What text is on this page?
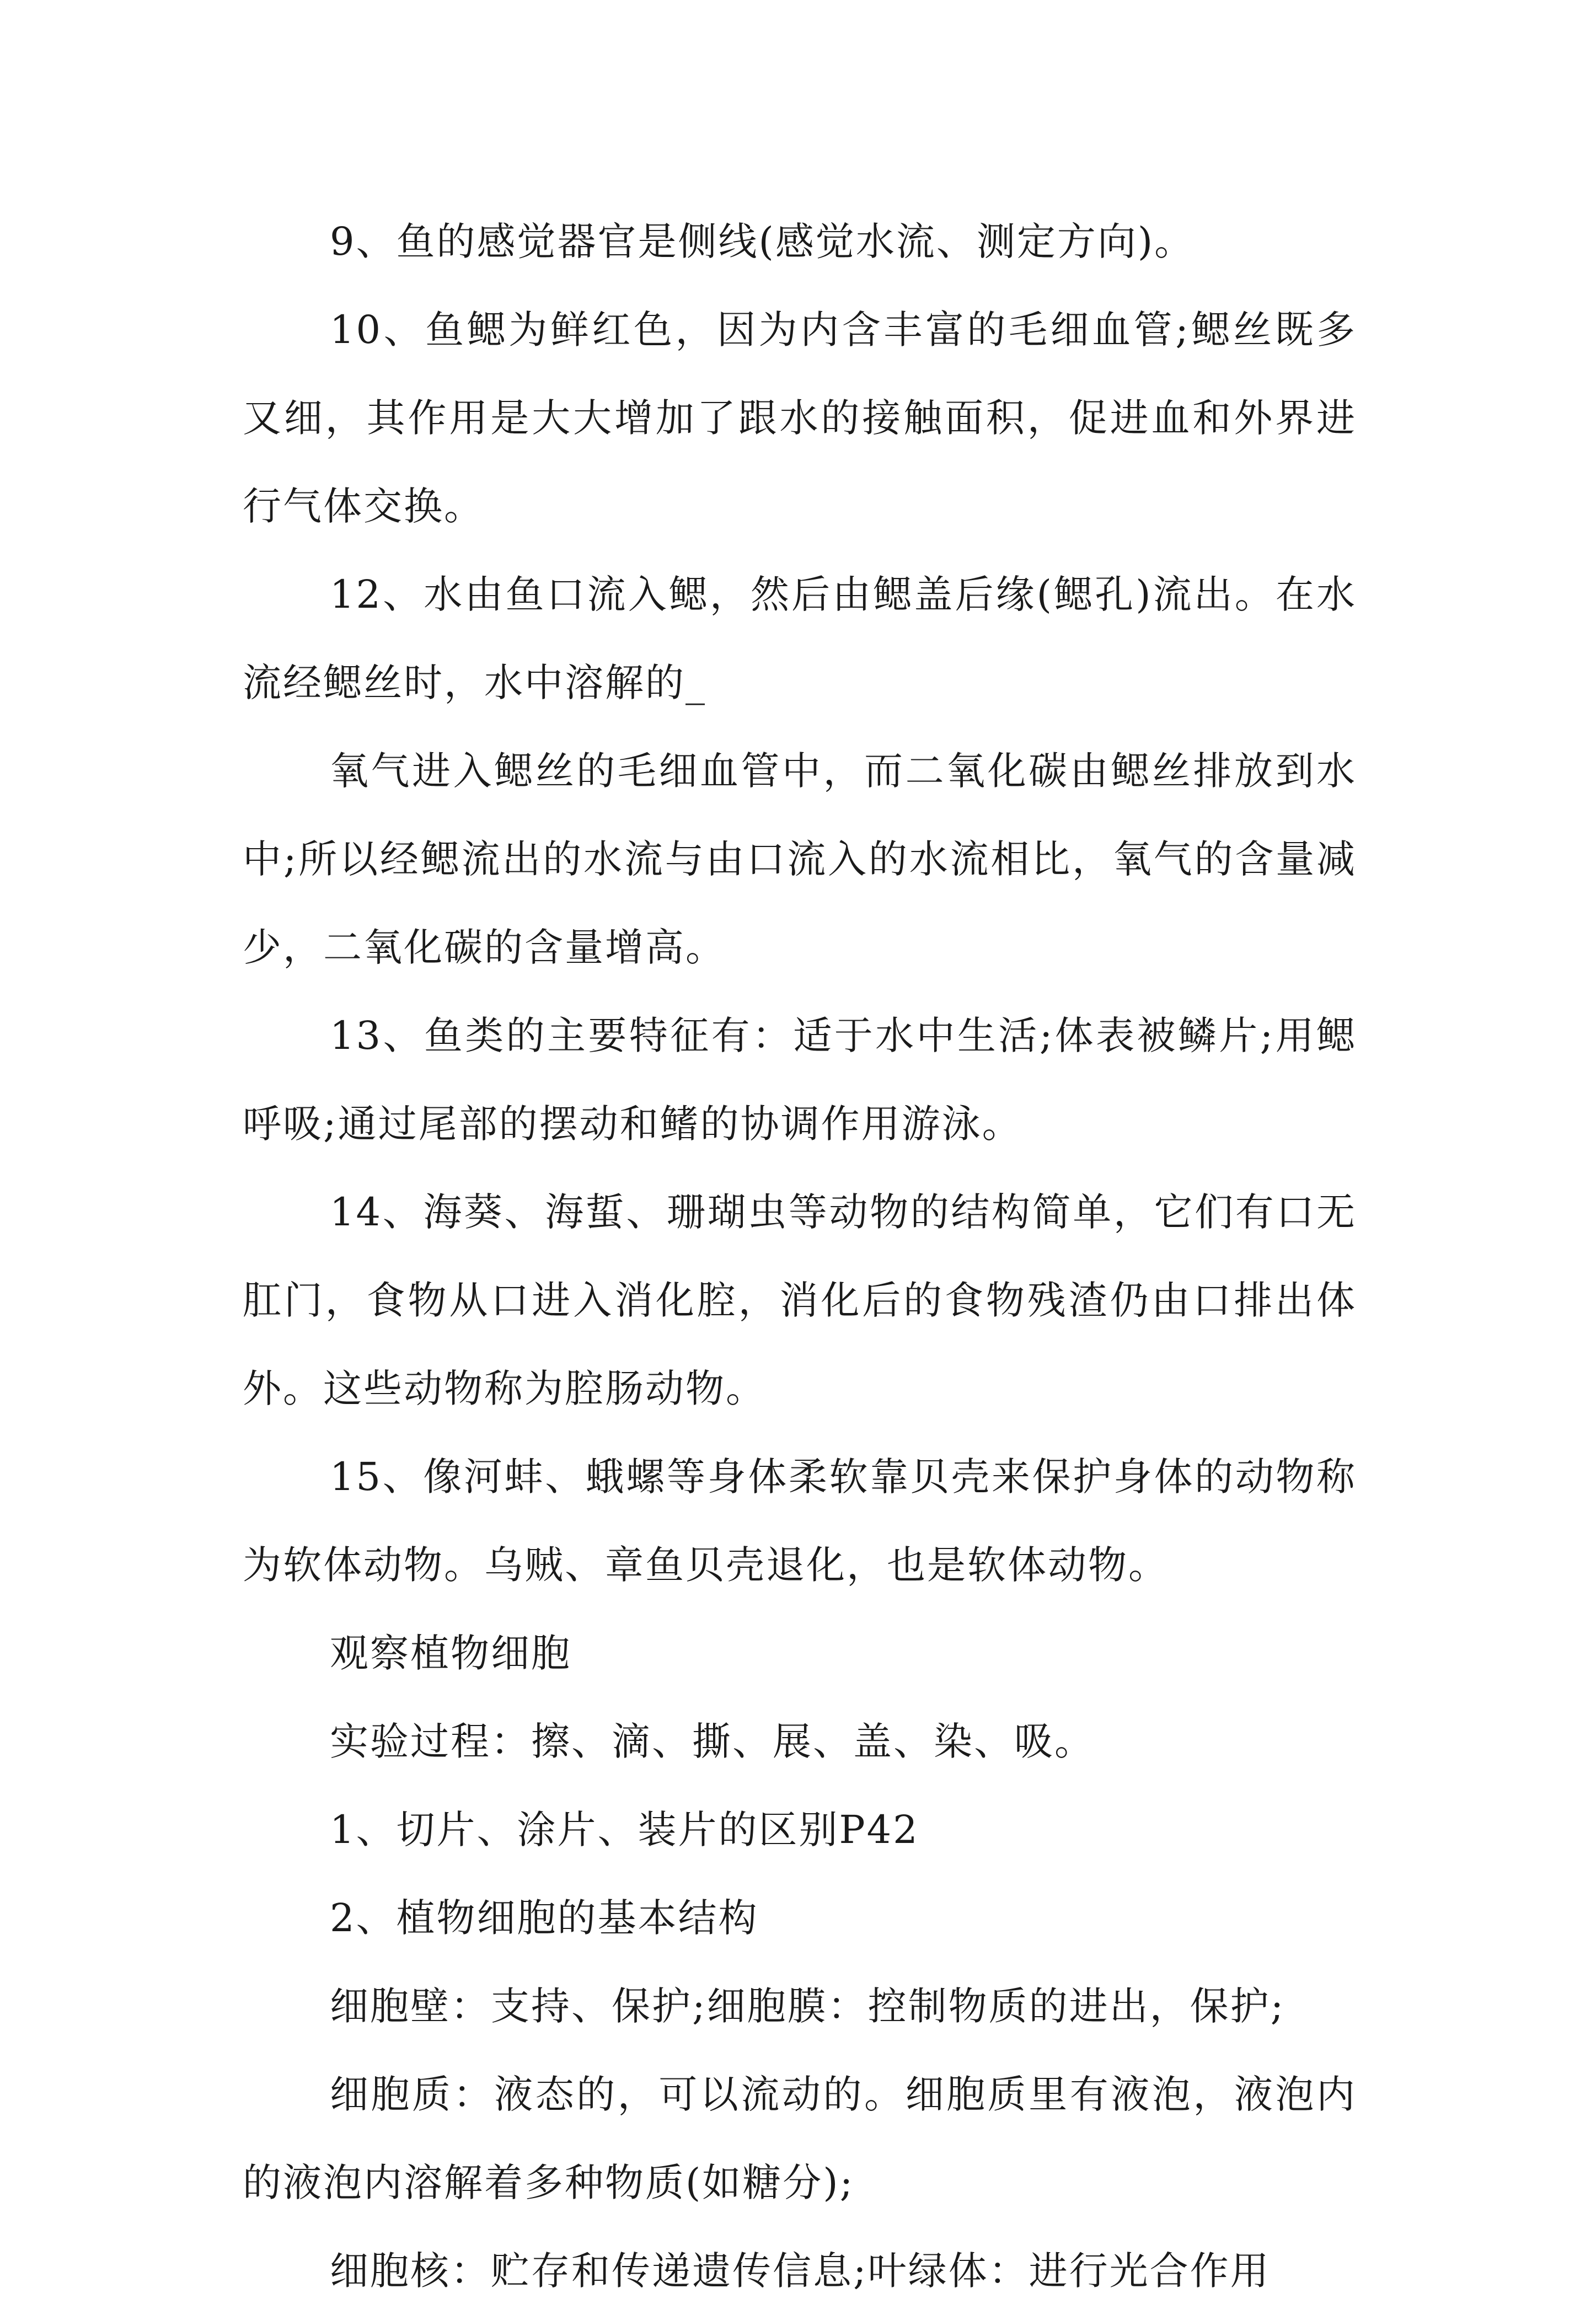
9、鱼的感觉器官是侧线(感觉水流、测定方向)。

10、鱼鳃为鲜红色，因为内含丰富的毛细血管;鳃丝既多又细，其作用是大大增加了跟水的接触面积，促进血和外界进行气体交换。

12、水由鱼口流入鳃，然后由鳃盖后缘(鳃孔)流出。在水流经鳃丝时，水中溶解的_

氧气进入鳃丝的毛细血管中，而二氧化碳由鳃丝排放到水中;所以经鳃流出的水流与由口流入的水流相比，氧气的含量减少，二氧化碳的含量增高。

13、鱼类的主要特征有：适于水中生活;体表被鳞片;用鳃呼吸;通过尾部的摆动和鳍的协调作用游泳。

14、海葵、海蜇、珊瑚虫等动物的结构简单，它们有口无肛门，食物从口进入消化腔，消化后的食物残渣仍由口排出体外。这些动物称为腔肠动物。

15、像河蚌、蛾螺等身体柔软靠贝壳来保护身体的动物称为软体动物。乌贼、章鱼贝壳退化，也是软体动物。

观察植物细胞

实验过程：擦、滴、撕、展、盖、染、吸。

1、切片、涂片、装片的区别P42

2、植物细胞的基本结构

细胞壁：支持、保护;细胞膜：控制物质的进出，保护;

细胞质：液态的，可以流动的。细胞质里有液泡，液泡内的液泡内溶解着多种物质(如糖分);

细胞核：贮存和传递遗传信息;叶绿体：进行光合作用
